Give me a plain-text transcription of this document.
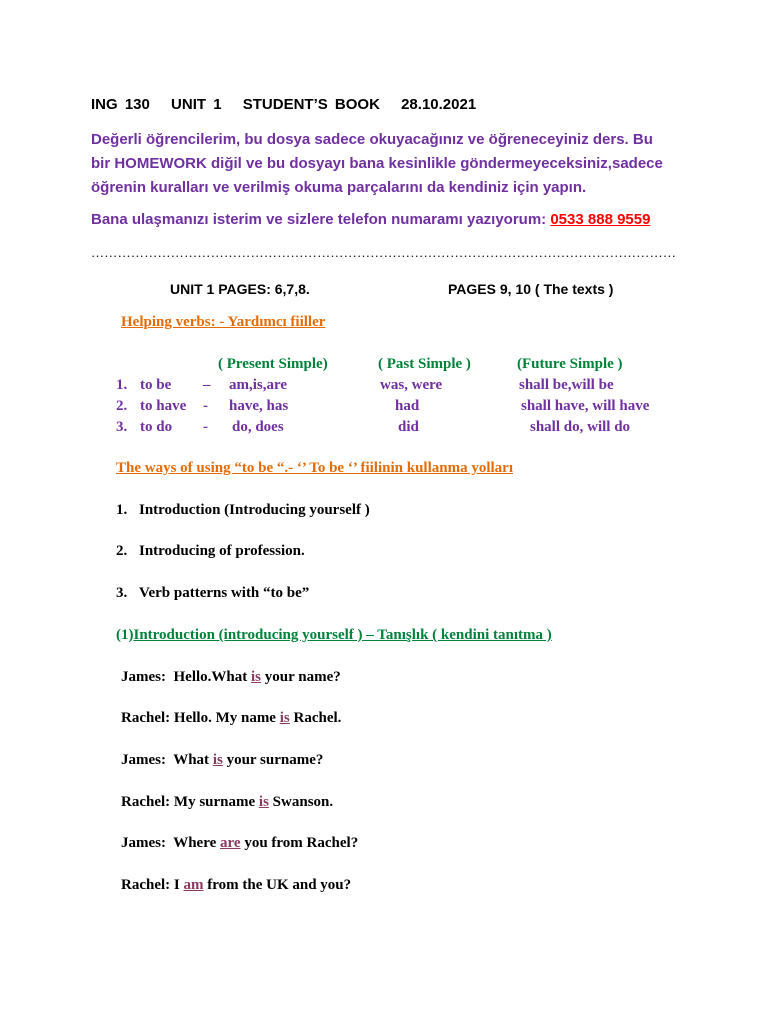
ING 130 UNIT 1 STUDENT’S BOOK 28.10.2021
Değerli öğrencilerim, bu dosya sadece okuyacağınız ve öğreneceyiniz ders. Bu
bir HOMEWORK diğil ve bu dosyayı bana kesinlikle göndermeyeceksiniz,sadece
öğrenin kuralları ve verilmiş okuma parçalarını da kendiniz için yapın.
Bana ulaşmanızı isterim ve sizlere telefon numaramı yazıyorum: 0533 888 9559
……………………………………………………………………………………………………………………
UNIT 1 PAGES: 6,7,8.	PAGES 9, 10 ( The texts )
Helping verbs: - Yardımcı fiiller
( Present Simple)	( Past Simple )	(Future Simple )
1. to be – am,is,are	was, were	shall be,will be
2. to have - have, has	had	shall have, will have
3. to do - do, does	did	shall do, will do
The ways of using “to be “.- ‘’ To be ‘’ fiilinin kullanma yolları
1. Introduction (Introducing yourself )
2. Introducing of profession.
3. Verb patterns with “to be”
(1)Introduction (introducing yourself ) – Tanışlık ( kendini tanıtma )
James:  Hello.What is your name?
Rachel: Hello. My name is Rachel.
James:  What is your surname?
Rachel: My surname is Swanson.
James:  Where are you from Rachel?
Rachel: I am from the UK and you?
